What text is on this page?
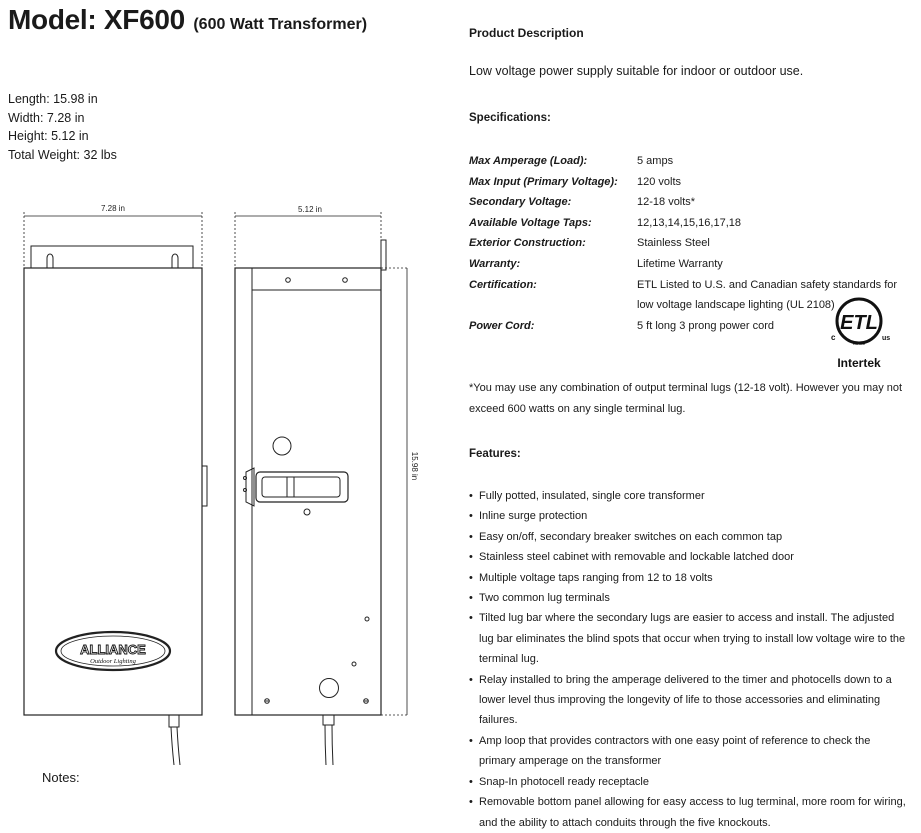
Model: XF600 (600 Watt Transformer)
Length: 15.98 in
Width: 7.28 in
Height: 5.12 in
Total Weight: 32 lbs
7.28 in
ALLIANCE
Outdoor Lighting
5.12 in
15.98 in
Notes:
Product Description
Low voltage power supply suitable for indoor or outdoor use.
Specifications:
Max Amperage (Load):	5 amps
Max Input (Primary Voltage):	120 volts
Secondary Voltage:	12-18 volts*
Available Voltage Taps:	12,13,14,15,16,17,18
Exterior Construction:	Stainless Steel
Warranty:	Lifetime Warranty
Certification:	ETL Listed to U.S. and Canadian safety standards for low voltage landscape lighting (UL 2108)
Power Cord:	5 ft long 3 prong power cord	ETL
c	us
LISTED
Intertek
*You may use any combination of output terminal lugs (12-18 volt). However you may not exceed 600 watts on any single terminal lug.
Features:
• Fully potted, insulated, single core transformer
• Inline surge protection
• Easy on/off, secondary breaker switches on each common tap
• Stainless steel cabinet with removable and lockable latched door
• Multiple voltage taps ranging from 12 to 18 volts
• Two common lug terminals
• Tilted lug bar where the secondary lugs are easier to access and install. The adjusted lug bar eliminates the blind spots that occur when trying to install low voltage wire to the terminal lug.
• Relay installed to bring the amperage delivered to the timer and photocells down to a lower level thus improving the longevity of life to those accessories and eliminating failures.
• Amp loop that provides contractors with one easy point of reference to check the primary amperage on the transformer
• Snap-In photocell ready receptacle
• Removable bottom panel allowing for easy access to lug terminal, more room for wiring, and the ability to attach conduits through the five knockouts.
